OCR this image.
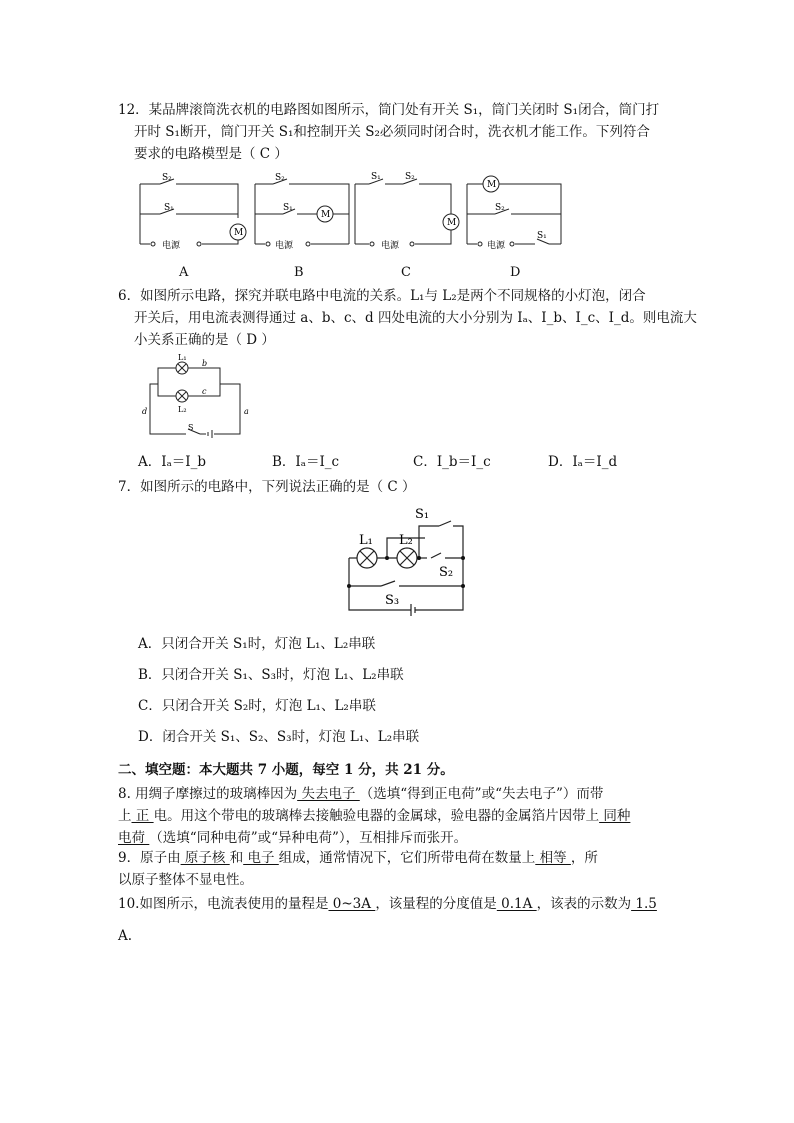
12．某品牌滚筒洗衣机的电路图如图所示，筒门处有开关 S₁，筒门关闭时 S₁闭合，筒门打
开时 S₁断开，筒门开关 S₁和控制开关 S₂必须同时闭合时，洗衣机才能工作。下列符合
要求的电路模型是（ C ）
S₂
S₁
M
电源
S₂
S₁
M
电源
S₁	S₂
M
电源
M
S₂
S₁
电源
A	B	C	D
6．如图所示电路，探究并联电路中电流的关系。L₁与 L₂是两个不同规格的小灯泡，闭合
开关后，用电流表测得通过 a、b、c、d 四处电流的大小分别为 Iₐ、I_b、I_c、I_d。则电流大
小关系正确的是（ D ）
L₁
L₂
b
c
d	a
S
A．Iₐ＝I_b	B．Iₐ＝I_c	C．I_b＝I_c	D．Iₐ＝I_d
7．如图所示的电路中，下列说法正确的是（ C ）
S₁
L₁ L₂
S₂
S₃
A．只闭合开关 S₁时，灯泡 L₁、L₂串联
B．只闭合开关 S₁、S₃时，灯泡 L₁、L₂串联
C．只闭合开关 S₂时，灯泡 L₁、L₂串联
D．闭合开关 S₁、S₂、S₃时，灯泡 L₁、L₂串联
二、填空题：本大题共 7 小题，每空 1 分，共 21 分。
8. 用绸子摩擦过的玻璃棒因为 失去电子 （选填“得到正电荷”或“失去电子”）而带
上 正 电。用这个带电的玻璃棒去接触验电器的金属球，验电器的金属箔片因带上 同种
电荷 （选填“同种电荷”或“异种电荷”），互相排斥而张开。
9．原子由 原子核 和 电子 组成，通常情况下，它们所带电荷在数量上 相等 ，所
以原子整体不显电性。
10.如图所示，电流表使用的量程是 0~3A ，该量程的分度值是 0.1A ，该表的示数为 1.5
A.
